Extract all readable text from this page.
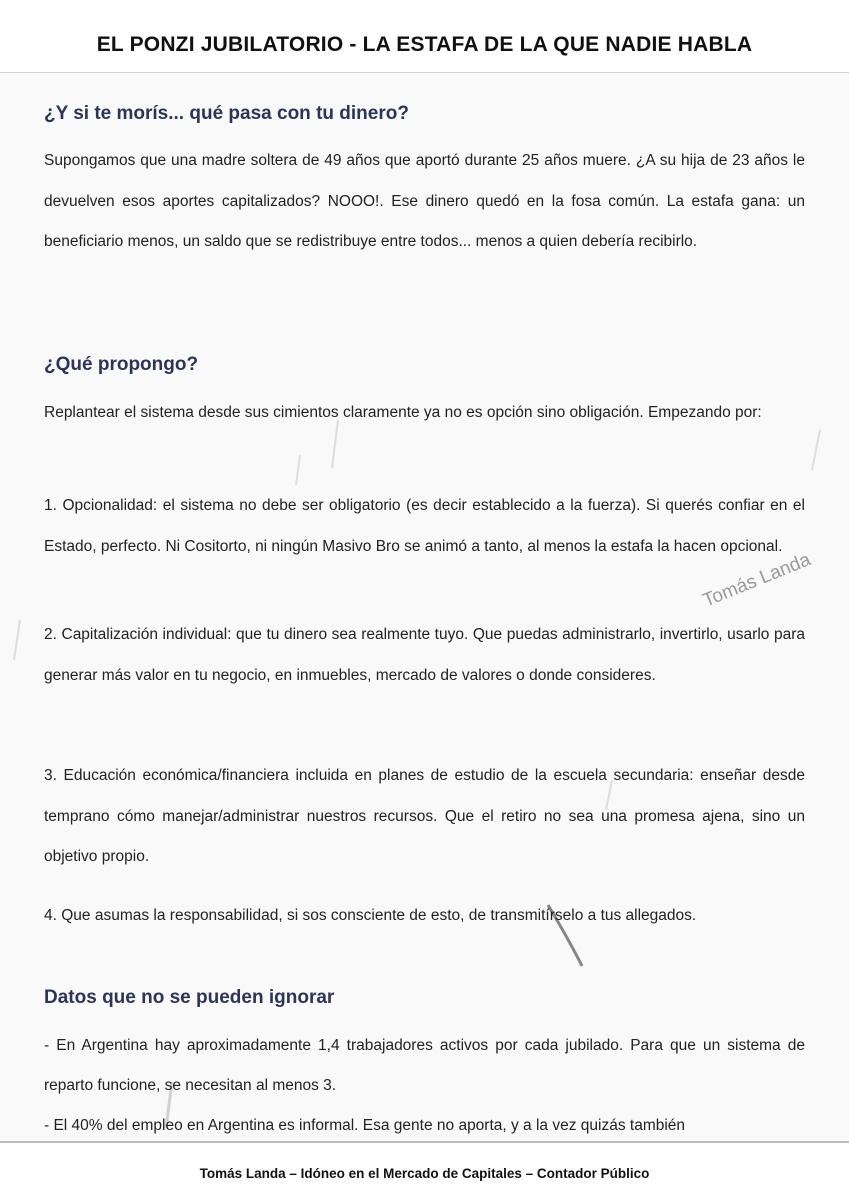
EL PONZI JUBILATORIO - LA ESTAFA DE LA QUE NADIE HABLA
¿Y si te morís... qué pasa con tu dinero?
Supongamos que una madre soltera de 49 años que aportó durante 25 años muere. ¿A su hija de 23 años le devuelven esos aportes capitalizados? NOOO!. Ese dinero quedó en la fosa común. La estafa gana: un beneficiario menos, un saldo que se redistribuye entre todos... menos a quien debería recibirlo.
¿Qué propongo?
Replantear el sistema desde sus cimientos claramente ya no es opción sino obligación. Empezando por:
1. Opcionalidad: el sistema no debe ser obligatorio (es decir establecido a la fuerza). Si querés confiar en el Estado, perfecto. Ni Cositorto, ni ningún Masivo Bro se animó a tanto, al menos la estafa la hacen opcional.
2. Capitalización individual: que tu dinero sea realmente tuyo. Que puedas administrarlo, invertirlo, usarlo para generar más valor en tu negocio, en inmuebles, mercado de valores o donde consideres.
3. Educación económica/financiera incluida en planes de estudio de la escuela secundaria: enseñar desde temprano cómo manejar/administrar nuestros recursos. Que el retiro no sea una promesa ajena, sino un objetivo propio.
4. Que asumas la responsabilidad, si sos consciente de esto, de transmitírselo a tus allegados.
Datos que no se pueden ignorar
- En Argentina hay aproximadamente 1,4 trabajadores activos por cada jubilado. Para que un sistema de reparto funcione, se necesitan al menos 3.
- El 40% del empleo en Argentina es informal. Esa gente no aporta, y a la vez quizás también
Tomás Landa
Tomás Landa – Idóneo en el Mercado de Capitales – Contador Público
